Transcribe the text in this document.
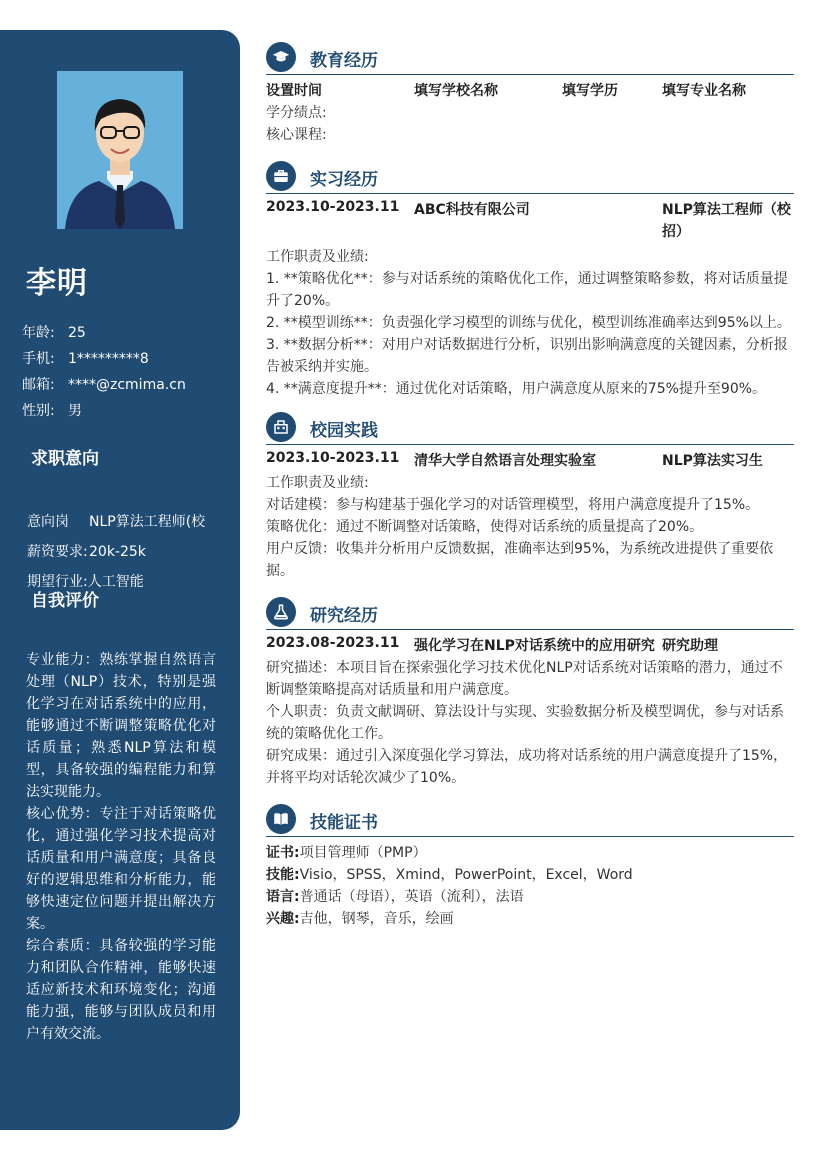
李明
年龄: 25
手机: 1*********8
邮箱: ****@zcmima.cn
性别: 男
求职意向
意向岗 NLP算法工程师(校
薪资要求:20k-25k
期望行业:人工智能
自我评价

专业能力：熟练掌握自然语言处理（NLP）技术，特别是强化学习在对话系统中的应用，能够通过不断调整策略优化对话质量；熟悉NLP算法和模型，具备较强的编程能力和算法实现能力。

核心优势：专注于对话策略优化，通过强化学习技术提高对话质量和用户满意度；具备良好的逻辑思维和分析能力，能够快速定位问题并提出解决方案。

综合素质：具备较强的学习能力和团队合作精神，能够快速适应新技术和环境变化；沟通能力强，能够与团队成员和用户有效交流。

教育经历
设置时间	填写学校名称	填写学历	填写专业名称
学分绩点:
核心课程:
实习经历
2023.10-2023.11 ABC科技有限公司	NLP算法工程师（校
招）
工作职责及业绩:
1. **策略优化**：参与对话系统的策略优化工作，通过调整策略参数，将对话质量提升了20%。
2. **模型训练**：负责强化学习模型的训练与优化，模型训练准确率达到95%以上。
3. **数据分析**：对用户对话数据进行分析，识别出影响满意度的关键因素，分析报告被采纳并实施。
4. **满意度提升**：通过优化对话策略，用户满意度从原来的75%提升至90%。
校园实践
2023.10-2023.11 清华大学自然语言处理实验室	NLP算法实习生
工作职责及业绩:
对话建模：参与构建基于强化学习的对话管理模型，将用户满意度提升了15%。
策略优化：通过不断调整对话策略，使得对话系统的质量提高了20%。
用户反馈：收集并分析用户反馈数据，准确率达到95%，为系统改进提供了重要依据。
研究经历
2023.08-2023.11 强化学习在NLP对话系统中的应用研究 研究助理
研究描述：本项目旨在探索强化学习技术优化NLP对话系统对话策略的潜力，通过不断调整策略提高对话质量和用户满意度。
个人职责：负责文献调研、算法设计与实现、实验数据分析及模型调优，参与对话系统的策略优化工作。
研究成果：通过引入深度强化学习算法，成功将对话系统的用户满意度提升了15%，并将平均对话轮次减少了10%。
技能证书
证书:项目管理师（PMP）
技能:Visio，SPSS，Xmind，PowerPoint，Excel，Word
语言:普通话（母语），英语（流利），法语
兴趣:吉他，钢琴，音乐，绘画
